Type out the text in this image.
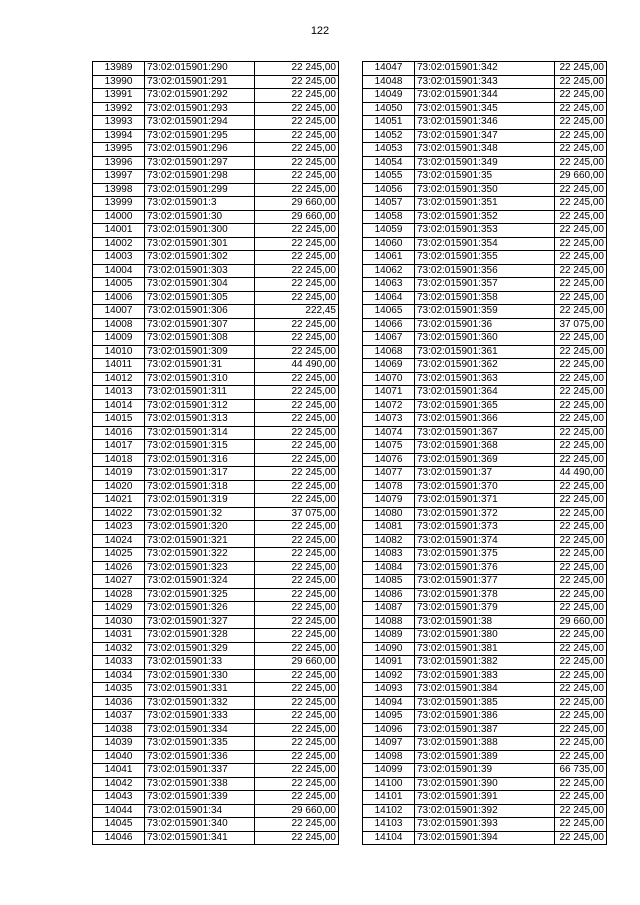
122
13989	73:02:015901:290	22 245,00
13990	73:02:015901:291	22 245,00
13991	73:02:015901:292	22 245,00
13992	73:02:015901:293	22 245,00
13993	73:02:015901:294	22 245,00
13994	73:02:015901:295	22 245,00
13995	73:02:015901:296	22 245,00
13996	73:02:015901:297	22 245,00
13997	73:02:015901:298	22 245,00
13998	73:02:015901:299	22 245,00
13999	73:02:015901:3	29 660,00
14000	73:02:015901:30	29 660,00
14001	73:02:015901:300	22 245,00
14002	73:02:015901:301	22 245,00
14003	73:02:015901:302	22 245,00
14004	73:02:015901:303	22 245,00
14005	73:02:015901:304	22 245,00
14006	73:02:015901:305	22 245,00
14007	73:02:015901:306	222,45
14008	73:02:015901:307	22 245,00
14009	73:02:015901:308	22 245,00
14010	73:02:015901:309	22 245,00
14011	73:02:015901:31	44 490,00
14012	73:02:015901:310	22 245,00
14013	73:02:015901:311	22 245,00
14014	73:02:015901:312	22 245,00
14015	73:02:015901:313	22 245,00
14016	73:02:015901:314	22 245,00
14017	73:02:015901:315	22 245,00
14018	73:02:015901:316	22 245,00
14019	73:02:015901:317	22 245,00
14020	73:02:015901:318	22 245,00
14021	73:02:015901:319	22 245,00
14022	73:02:015901:32	37 075,00
14023	73:02:015901:320	22 245,00
14024	73:02:015901:321	22 245,00
14025	73:02:015901:322	22 245,00
14026	73:02:015901:323	22 245,00
14027	73:02:015901:324	22 245,00
14028	73:02:015901:325	22 245,00
14029	73:02:015901:326	22 245,00
14030	73:02:015901:327	22 245,00
14031	73:02:015901:328	22 245,00
14032	73:02:015901:329	22 245,00
14033	73:02:015901:33	29 660,00
14034	73:02:015901:330	22 245,00
14035	73:02:015901:331	22 245,00
14036	73:02:015901:332	22 245,00
14037	73:02:015901:333	22 245,00
14038	73:02:015901:334	22 245,00
14039	73:02:015901:335	22 245,00
14040	73:02:015901:336	22 245,00
14041	73:02:015901:337	22 245,00
14042	73:02:015901:338	22 245,00
14043	73:02:015901:339	22 245,00
14044	73:02:015901:34	29 660,00
14045	73:02:015901:340	22 245,00
14046	73:02:015901:341	22 245,00
14047	73:02:015901:342	22 245,00
14048	73:02:015901:343	22 245,00
14049	73:02:015901:344	22 245,00
14050	73:02:015901:345	22 245,00
14051	73:02:015901:346	22 245,00
14052	73:02:015901:347	22 245,00
14053	73:02:015901:348	22 245,00
14054	73:02:015901:349	22 245,00
14055	73:02:015901:35	29 660,00
14056	73:02:015901:350	22 245,00
14057	73:02:015901:351	22 245,00
14058	73:02:015901:352	22 245,00
14059	73:02:015901:353	22 245,00
14060	73:02:015901:354	22 245,00
14061	73:02:015901:355	22 245,00
14062	73:02:015901:356	22 245,00
14063	73:02:015901:357	22 245,00
14064	73:02:015901:358	22 245,00
14065	73:02:015901:359	22 245,00
14066	73:02:015901:36	37 075,00
14067	73:02:015901:360	22 245,00
14068	73:02:015901:361	22 245,00
14069	73:02:015901:362	22 245,00
14070	73:02:015901:363	22 245,00
14071	73:02:015901:364	22 245,00
14072	73:02:015901:365	22 245,00
14073	73:02:015901:366	22 245,00
14074	73:02:015901:367	22 245,00
14075	73:02:015901:368	22 245,00
14076	73:02:015901:369	22 245,00
14077	73:02:015901:37	44 490,00
14078	73:02:015901:370	22 245,00
14079	73:02:015901:371	22 245,00
14080	73:02:015901:372	22 245,00
14081	73:02:015901:373	22 245,00
14082	73:02:015901:374	22 245,00
14083	73:02:015901:375	22 245,00
14084	73:02:015901:376	22 245,00
14085	73:02:015901:377	22 245,00
14086	73:02:015901:378	22 245,00
14087	73:02:015901:379	22 245,00
14088	73:02:015901:38	29 660,00
14089	73:02:015901:380	22 245,00
14090	73:02:015901:381	22 245,00
14091	73:02:015901:382	22 245,00
14092	73:02:015901:383	22 245,00
14093	73:02:015901:384	22 245,00
14094	73:02:015901:385	22 245,00
14095	73:02:015901:386	22 245,00
14096	73:02:015901:387	22 245,00
14097	73:02:015901:388	22 245,00
14098	73:02:015901:389	22 245,00
14099	73:02:015901:39	66 735,00
14100	73:02:015901:390	22 245,00
14101	73:02:015901:391	22 245,00
14102	73:02:015901:392	22 245,00
14103	73:02:015901:393	22 245,00
14104	73:02:015901:394	22 245,00
